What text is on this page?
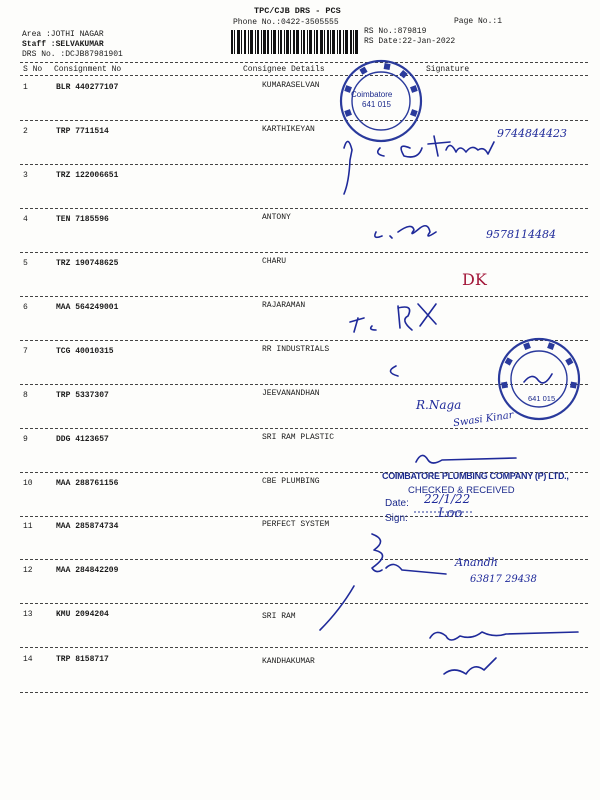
TPC/CJB DRS - PCS
Phone No.:0422-3505555	Page No.:1
Area :JOTHI NAGAR
Staff :SELVAKUMAR
DRS No. :DCJB87981901
RS No.:879819
RS Date:22-Jan-2022
S No Consignment No	Consignee Details	Signature
1	BLR 440277107	KUMARASELVAN
2	TRP 7711514	KARTHIKEYAN
3	TRZ 122006651
4	TEN 7185596	ANTONY
5	TRZ 190748625	CHARU
6	MAA 564249001	RAJARAMAN
7	TCG 40010315	RR INDUSTRIALS
8	TRP 5337307	JEEVANANDHAN
9	DDG 4123657	SRI RAM PLASTIC
10	MAA 288761156	CBE PLUMBING
11	MAA 285874734	PERFECT SYSTEM
12	MAA 284842209
13	KMU 2094204	SRI RAM
14	TRP 8158717	KANDHAKUMAR
Coimbatore
641 015
641 015
COIMBATORE PLUMBING COMPANY (P) LTD.,
CHECKED & RECEIVED
Date:
Sign:
9744844423
9578114484
DK
R.Naga
Swasi Kinar
22/1/22
Loo
Anandh
63817 29438
